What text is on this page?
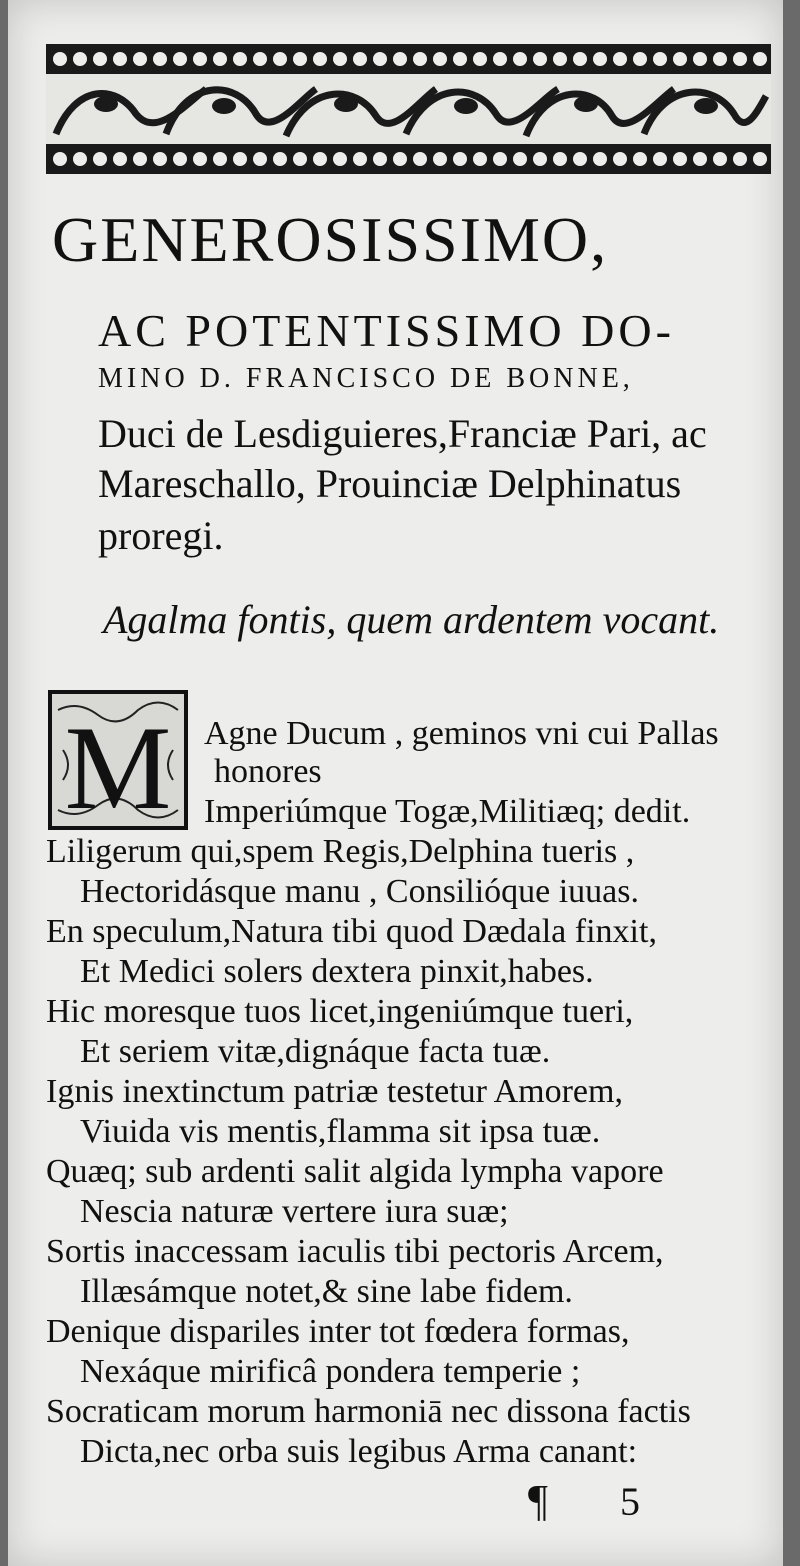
GENEROSISSIMO,
AC POTENTISSIMO DO-
MINO D. FRANCISCO DE BONNE,
Duci de Lesdiguieres,Franciæ Pari, ac
Mareschallo, Prouinciæ Delphinatus
proregi.
Agalma fontis, quem ardentem vocant.
M Agne Ducum , geminos vni cui Pallas
honores
Imperiúmque Togæ,Militiæq; dedit.
Liligerum qui,spem Regis,Delphina tueris ,
Hectoridásque manu , Consilióque iuuas.
En speculum,Natura tibi quod Dædala finxit,
Et Medici solers dextera pinxit,habes.
Hic moresque tuos licet,ingeniúmque tueri,
Et seriem vitæ,dignáque facta tuæ.
Ignis inextinctum patriæ testetur Amorem,
Viuida vis mentis,flamma sit ipsa tuæ.
Quæq; sub ardenti salit algida lympha vapore
Nescia naturæ vertere iura suæ;
Sortis inaccessam iaculis tibi pectoris Arcem,
Illæsámque notet,& sine labe fidem.
Denique dispariles inter tot fœdera formas,
Nexáque mirificâ pondera temperie ;
Socraticam morum harmoniā nec dissona factis
Dicta,nec orba suis legibus Arma canant:
¶ 5
